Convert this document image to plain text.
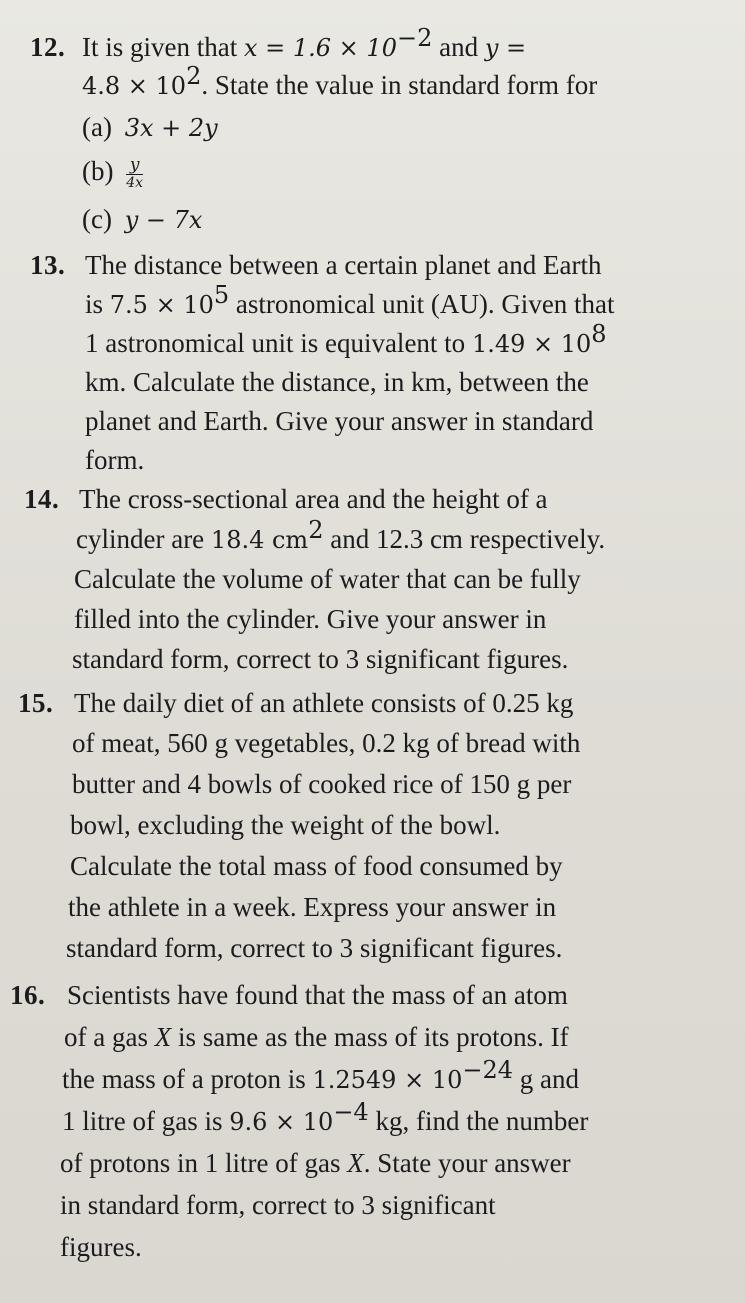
12. It is given that $x = 1.6 \times 10^{-2}$ and y =
$4.8 \times 10^2$. State the value in standard form for
(a) 3x + 2y
$(b) \frac{y}{4x}$
(c) y − 7x
13. The distance between a certain planet and Earth
is $7.5 \times 10^5$ astronomical unit (AU). Given that
1 astronomical unit is equivalent to $1.49 \times 10^8$
km. Calculate the distance, in km, between the
planet and Earth. Give your answer in standard
form.
14. The cross-sectional area and the height of a
cylinder are 18.4 $cm^2$ and 12.3 cm respectively.
Calculate the volume of water that can be fully
filled into the cylinder. Give your answer in
standard form, correct to 3 significant figures.
15. The daily diet of an athlete consists of 0.25 kg
of meat, 560 g vegetables, 0.2 kg of bread with
butter and 4 bowls of cooked rice of 150 g per
bowl, excluding the weight of the bowl.
Calculate the total mass of food consumed by
the athlete in a week. Express your answer in
standard form, correct to 3 significant figures.
16. Scientists have found that the mass of an atom
of a gas X is same as the mass of its protons. If
the mass of a proton is $1.2549 \times 10^{-24}$ g and
1 litre of gas is $9.6 \times 10^{-4}$ kg, find the number
of protons in 1 litre of gas X. State your answer
in standard form, correct to 3 significant
figures.
